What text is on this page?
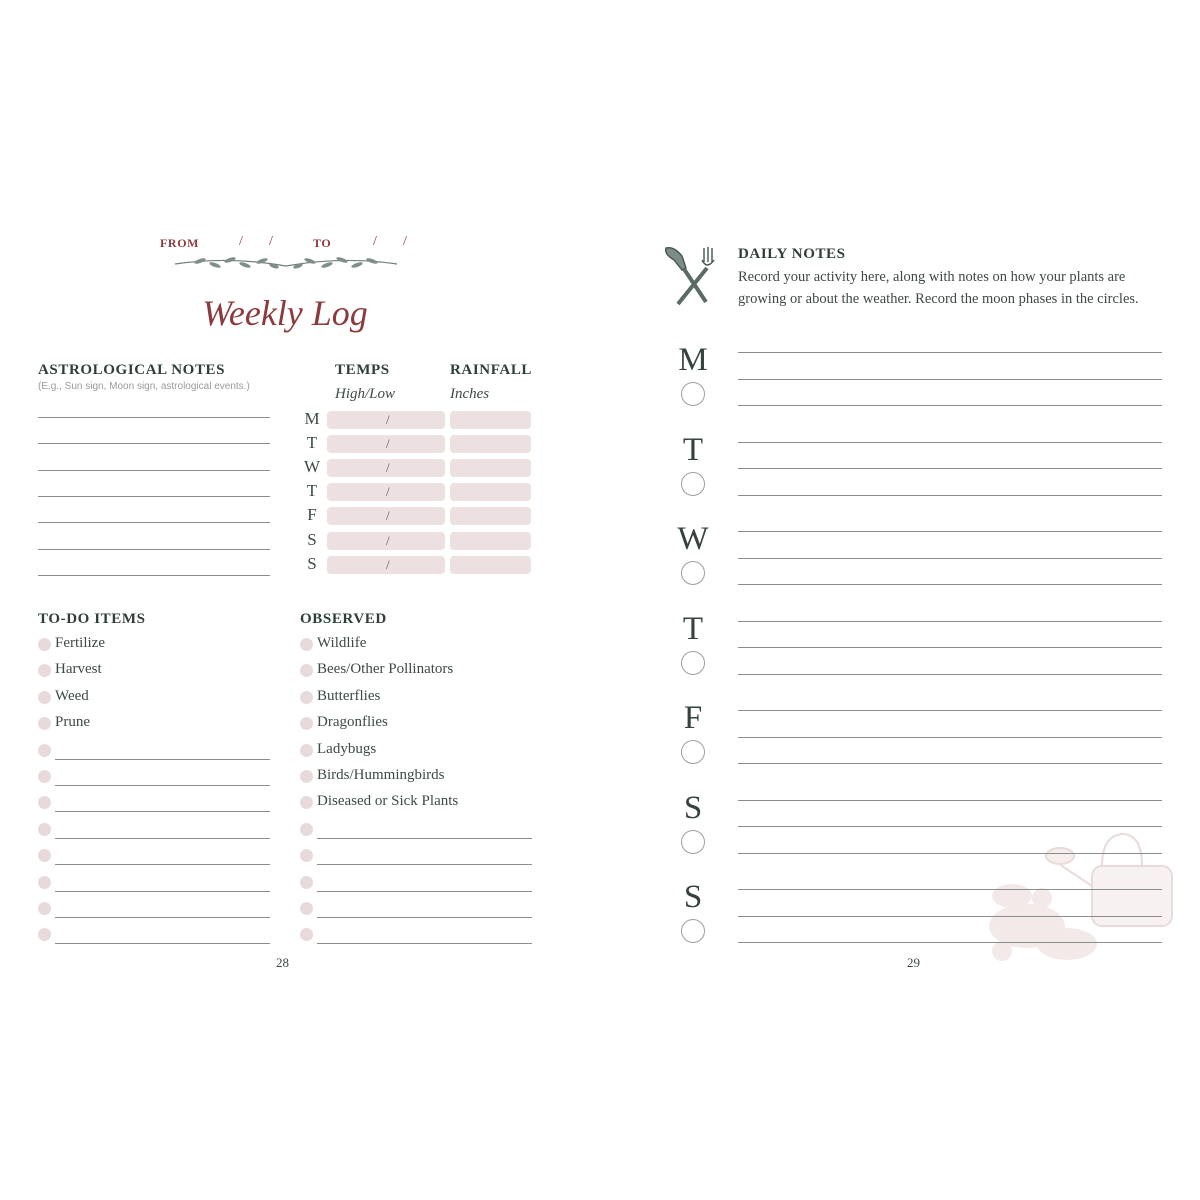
FROM	/ /	TO	/ /
Weekly Log
ASTROLOGICAL NOTES
(E.g., Sun sign, Moon sign, astrological events.)
TEMPS
High/Low
RAINFALL
Inches
M	/
T	/
W	/
T	/
F	/
S	/
S	/
TO-DO ITEMS
Fertilize
Harvest
Weed
Prune
OBSERVED
Wildlife
Bees/Other Pollinators
Butterflies
Dragonflies
Ladybugs
Birds/Hummingbirds
Diseased or Sick Plants
28
DAILY NOTES
Record your activity here, along with notes on how your plants are
growing or about the weather. Record the moon phases in the circles.
M
T
W
T
F
S
S
29
